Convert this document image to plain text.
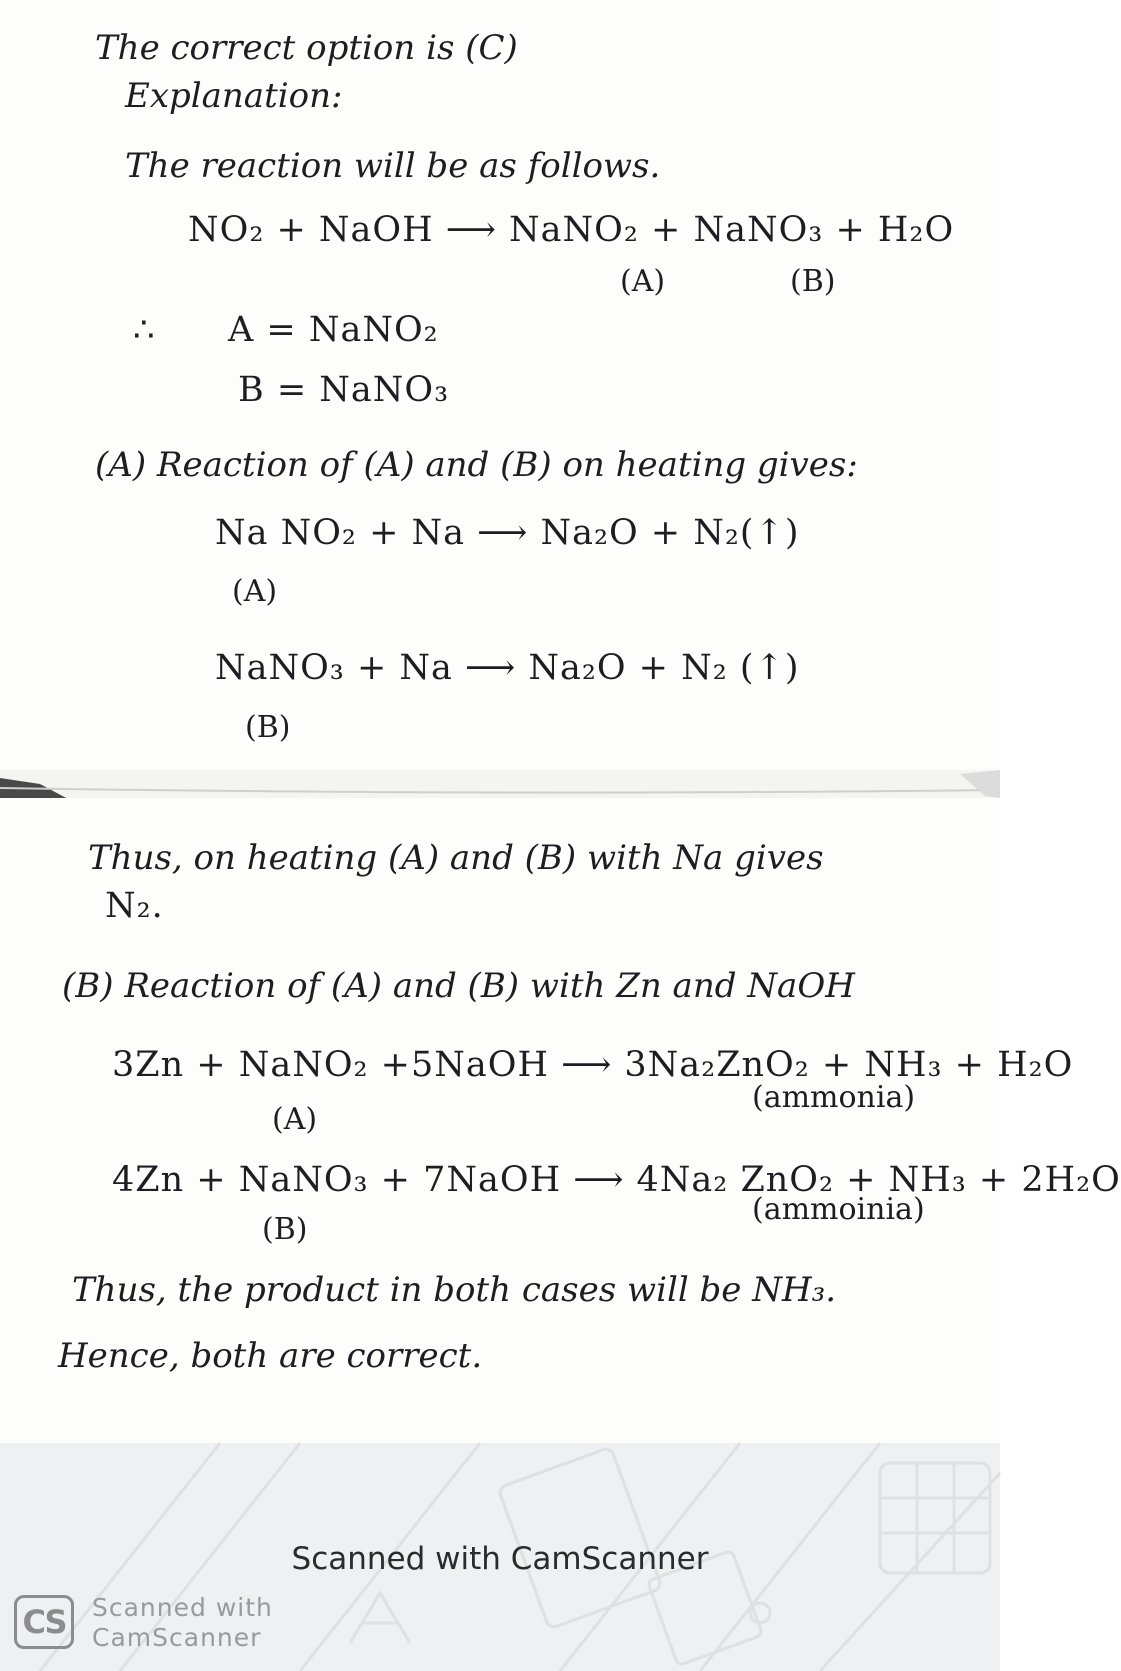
The correct option is (C)
Explanation:
The reaction will be as follows.
NO₂ + NaOH ⟶ NaNO₂ + NaNO₃ + H₂O
(A)	(B)
∴ A = NaNO₂
B = NaNO₃
(A) Reaction of (A) and (B) on heating gives:
Na NO₂ + Na ⟶ Na₂O + N₂(↑)
(A)
NaNO₃ + Na ⟶ Na₂O + N₂ (↑)
(B)
Thus, on heating (A) and (B) with Na gives
N₂.
(B) Reaction of (A) and (B) with Zn and NaOH
3Zn + NaNO₂ +5NaOH ⟶ 3Na₂ZnO₂ + NH₃ + H₂O
(A)
(ammonia)
4Zn + NaNO₃ + 7NaOH ⟶ 4Na₂ ZnO₂ + NH₃ + 2H₂O
(B)
(ammoinia)
Thus, the product in both cases will be NH₃.
Hence, both are correct.
Scanned with CamScanner
CS	Scanned with
CamScanner
